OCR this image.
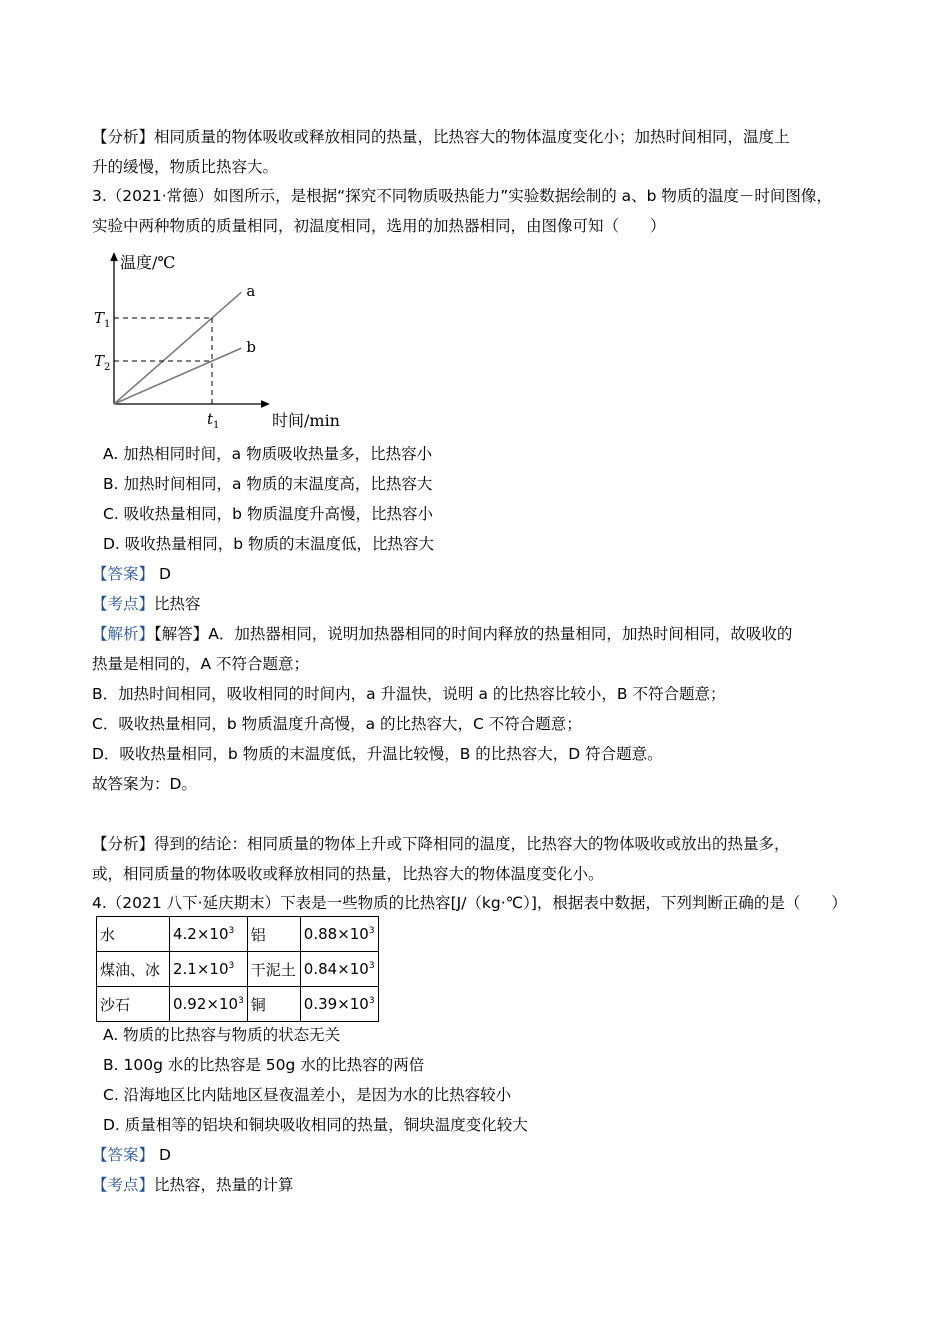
【分析】相同质量的物体吸收或释放相同的热量，比热容大的物体温度变化小；加热时间相同，温度上
升的缓慢，物质比热容大。
3.（2021·常德）如图所示，是根据“探究不同物质吸热能力”实验数据绘制的 a、b 物质的温度－时间图像，
实验中两种物质的质量相同，初温度相同，选用的加热器相同，由图像可知（　　）
温度/℃
时间/min
a
b
$T_1$
$T_2$
$t_1$
A. 加热相同时间，a 物质吸收热量多，比热容小
B. 加热时间相同，a 物质的末温度高，比热容大
C. 吸收热量相同，b 物质温度升高慢，比热容小
D. 吸收热量相同，b 物质的末温度低，比热容大
【答案】 D
【考点】比热容
【解析】【解答】A．加热器相同，说明加热器相同的时间内释放的热量相同，加热时间相同，故吸收的
热量是相同的，A 不符合题意；
B．加热时间相同，吸收相同的时间内，a 升温快，说明 a 的比热容比较小，B 不符合题意；
C．吸收热量相同，b 物质温度升高慢，a 的比热容大，C 不符合题意；
D．吸收热量相同，b 物质的末温度低，升温比较慢，B 的比热容大，D 符合题意。
故答案为：D。
【分析】得到的结论：相同质量的物体上升或下降相同的温度，比热容大的物体吸收或放出的热量多，
或，相同质量的物体吸收或释放相同的热量，比热容大的物体温度变化小。
4.（2021 八下·延庆期末）下表是一些物质的比热容[J/（kg·℃）]，根据表中数据，下列判断正确的是（　　）
水	$4.2\times 10^3$	铝	$0.88\times 10^3$
煤油、冰	$2.1\times 10^3$	干泥土	$0.84\times 10^3$
沙石	$0.92\times 10^3$	铜	$0.39\times 10^3$
A. 物质的比热容与物质的状态无关
B. 100g 水的比热容是 50g 水的比热容的两倍
C. 沿海地区比内陆地区昼夜温差小，是因为水的比热容较小
D. 质量相等的铝块和铜块吸收相同的热量，铜块温度变化较大
【答案】 D
【考点】比热容，热量的计算
